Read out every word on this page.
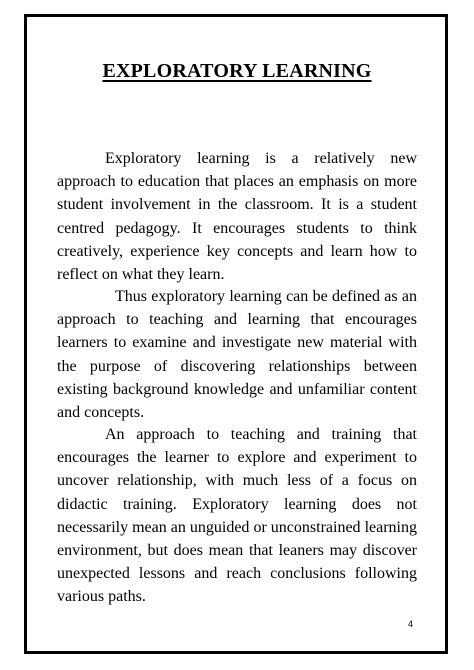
EXPLORATORY LEARNING

Exploratory learning is a relatively new approach to education that places an emphasis on more student involvement in the classroom. It is a student centred pedagogy. It encourages students to think creatively, experience key concepts and learn how to reflect on what they learn.

Thus exploratory learning can be defined as an approach to teaching and learning that encourages learners to examine and investigate new material with the purpose of discovering relationships between existing background knowledge and unfamiliar content and concepts.

An approach to teaching and training that encourages the learner to explore and experiment to uncover relationship, with much less of a focus on didactic training. Exploratory learning does not necessarily mean an unguided or unconstrained learning environment, but does mean that leaners may discover unexpected lessons and reach conclusions following various paths.

4
